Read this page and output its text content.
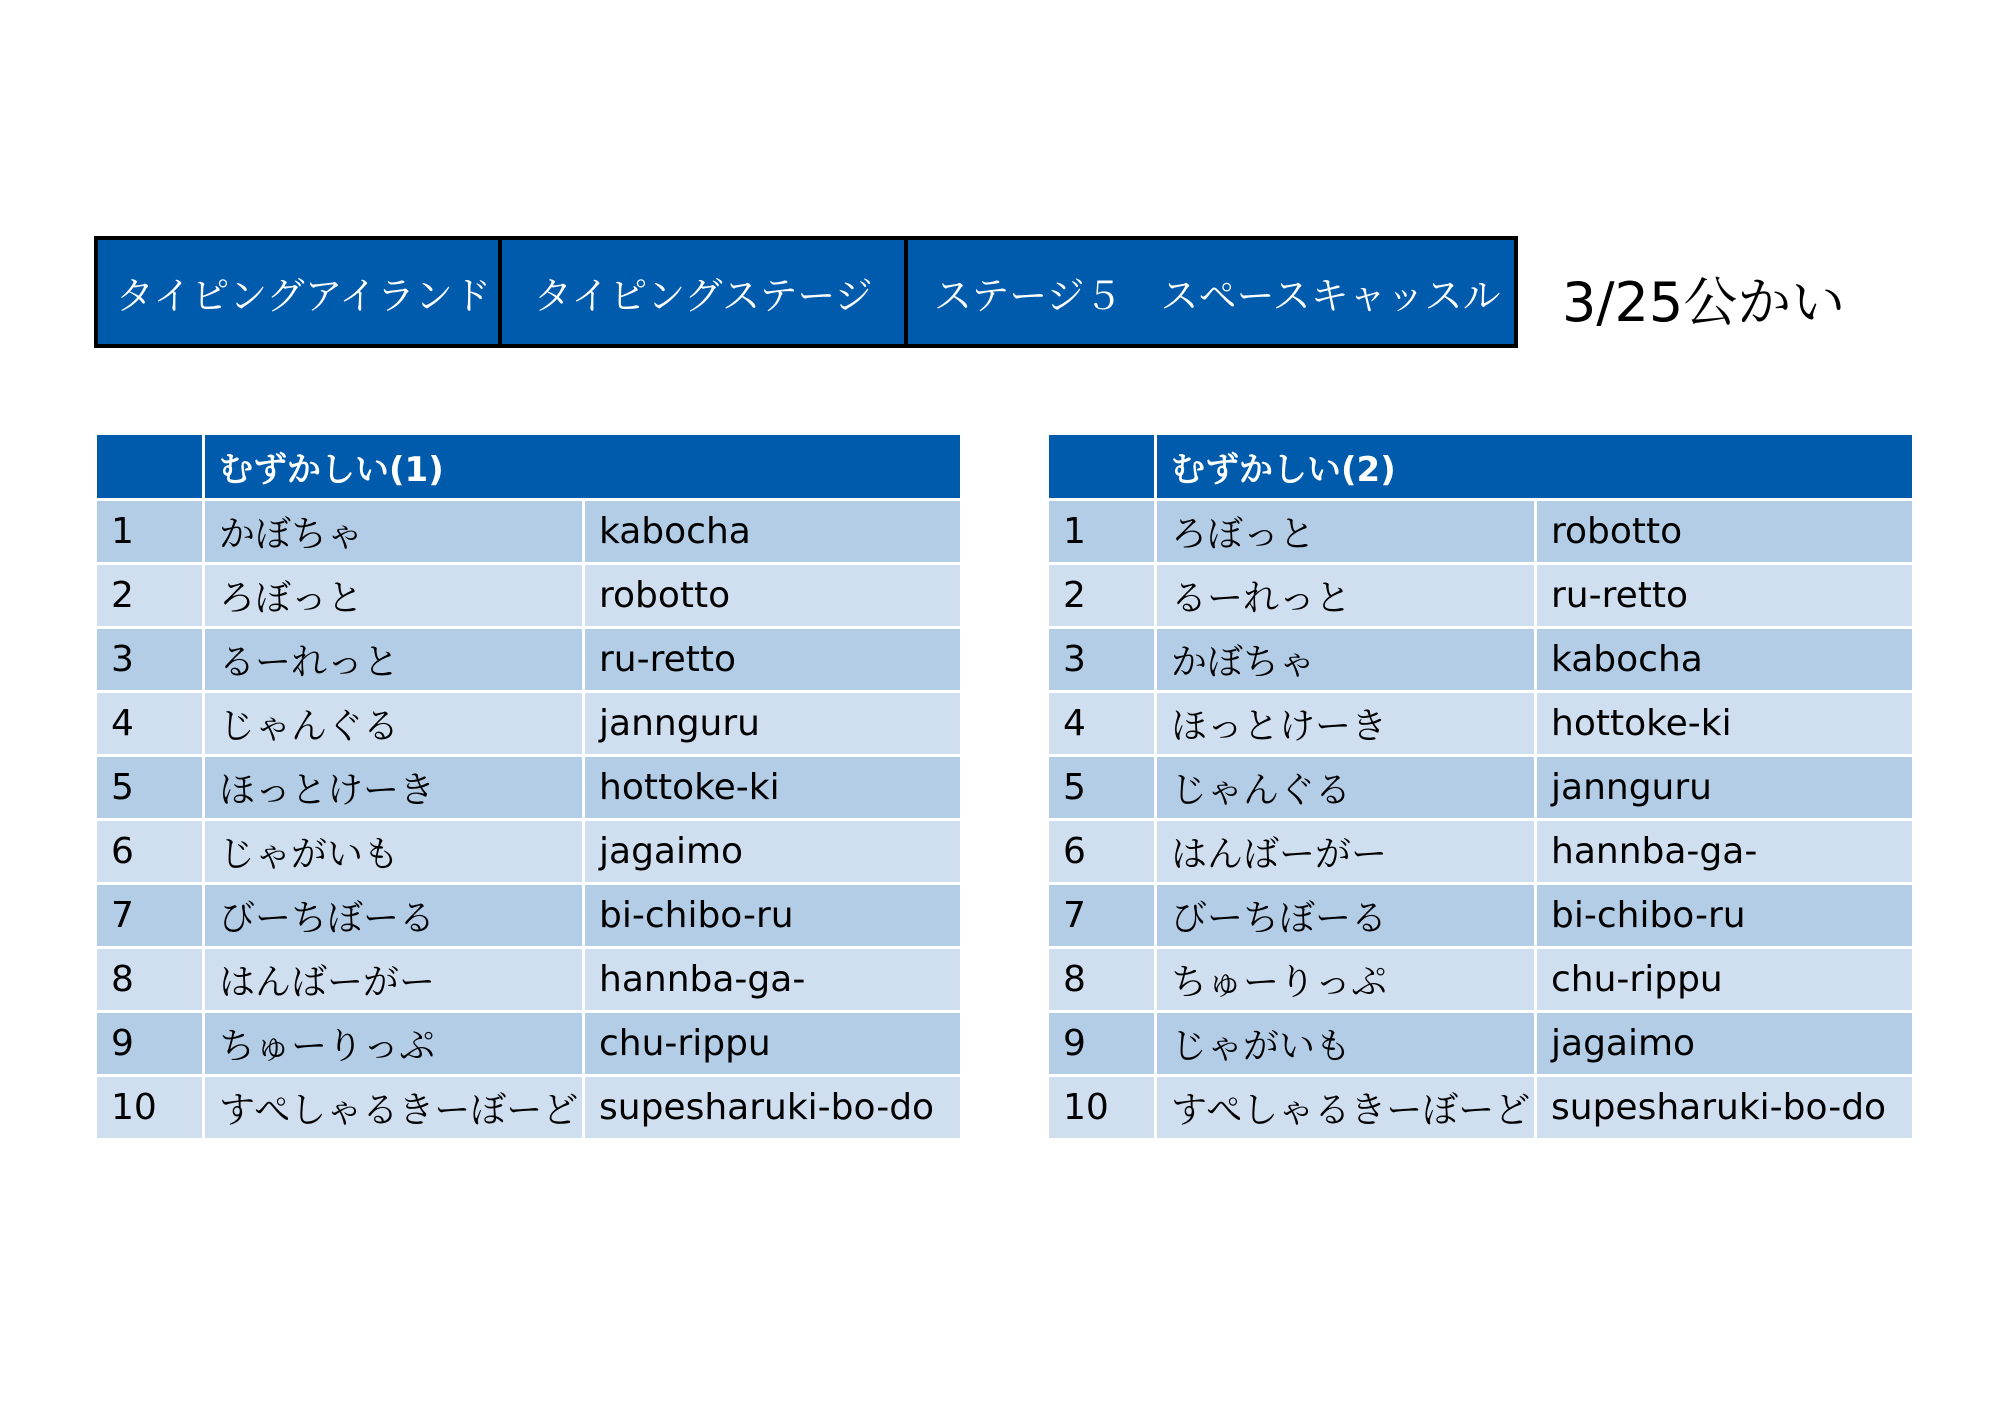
タイピングアイランド	タイピングステージ	ステージ５　スペースキャッスル 3/25公かい
	むずかしい(1)	
1	かぼちゃ	kabocha
2	ろぼっと	robotto
3	るーれっと	ru-retto
4	じゃんぐる	jannguru
5	ほっとけーき	hottoke-ki
6	じゃがいも	jagaimo
7	びーちぼーる	bi-chibo-ru
8	はんばーがー	hannba-ga-
9	ちゅーりっぷ	chu-rippu
10	すぺしゃるきーぼーど	supesharuki-bo-do
	むずかしい(2)	
1	ろぼっと	robotto
2	るーれっと	ru-retto
3	かぼちゃ	kabocha
4	ほっとけーき	hottoke-ki
5	じゃんぐる	jannguru
6	はんばーがー	hannba-ga-
7	びーちぼーる	bi-chibo-ru
8	ちゅーりっぷ	chu-rippu
9	じゃがいも	jagaimo
10	すぺしゃるきーぼーど	supesharuki-bo-do
